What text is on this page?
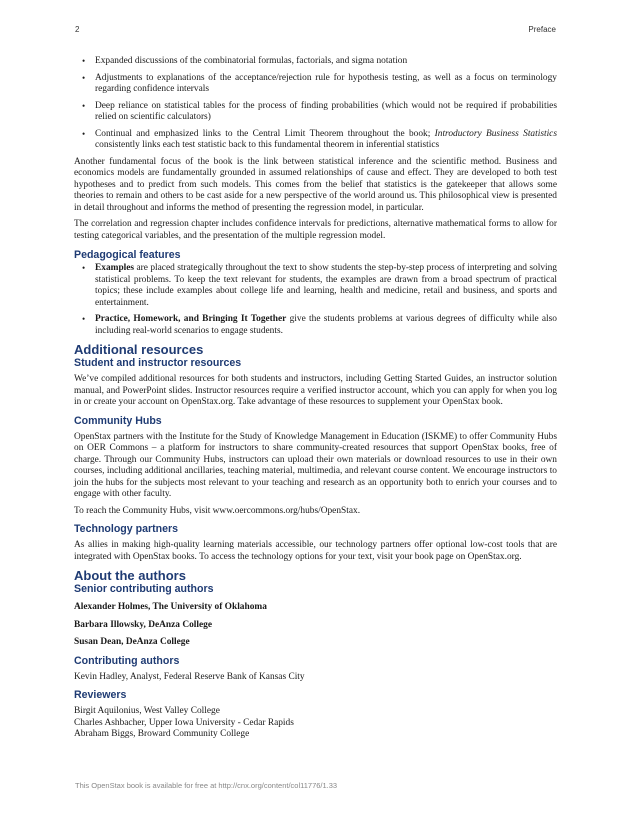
2	Preface
• Expanded discussions of the combinatorial formulas, factorials, and sigma notation
• Adjustments to explanations of the acceptance/rejection rule for hypothesis testing, as well as a focus on terminology regarding confidence intervals
• Deep reliance on statistical tables for the process of finding probabilities (which would not be required if probabilities relied on scientific calculators)
• Continual and emphasized links to the Central Limit Theorem throughout the book; Introductory Business Statistics consistently links each test statistic back to this fundamental theorem in inferential statistics

Another fundamental focus of the book is the link between statistical inference and the scientific method. Business and economics models are fundamentally grounded in assumed relationships of cause and effect. They are developed to both test hypotheses and to predict from such models. This comes from the belief that statistics is the gatekeeper that allows some theories to remain and others to be cast aside for a new perspective of the world around us. This philosophical view is presented in detail throughout and informs the method of presenting the regression model, in particular.

The correlation and regression chapter includes confidence intervals for predictions, alternative mathematical forms to allow for testing categorical variables, and the presentation of the multiple regression model.

Pedagogical features
• Examples are placed strategically throughout the text to show students the step-by-step process of interpreting and solving statistical problems. To keep the text relevant for students, the examples are drawn from a broad spectrum of practical topics; these include examples about college life and learning, health and medicine, retail and business, and sports and entertainment.
• Practice, Homework, and Bringing It Together give the students problems at various degrees of difficulty while also including real-world scenarios to engage students.
Additional resources
Student and instructor resources

We’ve compiled additional resources for both students and instructors, including Getting Started Guides, an instructor solution manual, and PowerPoint slides. Instructor resources require a verified instructor account, which you can apply for when you log in or create your account on OpenStax.org. Take advantage of these resources to supplement your OpenStax book.

Community Hubs

OpenStax partners with the Institute for the Study of Knowledge Management in Education (ISKME) to offer Community Hubs on OER Commons – a platform for instructors to share community-created resources that support OpenStax books, free of charge. Through our Community Hubs, instructors can upload their own materials or download resources to use in their own courses, including additional ancillaries, teaching material, multimedia, and relevant course content. We encourage instructors to join the hubs for the subjects most relevant to your teaching and research as an opportunity both to enrich your courses and to engage with other faculty.

To reach the Community Hubs, visit www.oercommons.org/hubs/OpenStax.

Technology partners

As allies in making high-quality learning materials accessible, our technology partners offer optional low-cost tools that are integrated with OpenStax books. To access the technology options for your text, visit your book page on OpenStax.org.

About the authors
Senior contributing authors

Alexander Holmes, The University of Oklahoma

Barbara Illowsky, DeAnza College

Susan Dean, DeAnza College

Contributing authors

Kevin Hadley, Analyst, Federal Reserve Bank of Kansas City

Reviewers

Birgit Aquilonius, West Valley College

Charles Ashbacher, Upper Iowa University - Cedar Rapids

Abraham Biggs, Broward Community College

This OpenStax book is available for free at http://cnx.org/content/col11776/1.33
